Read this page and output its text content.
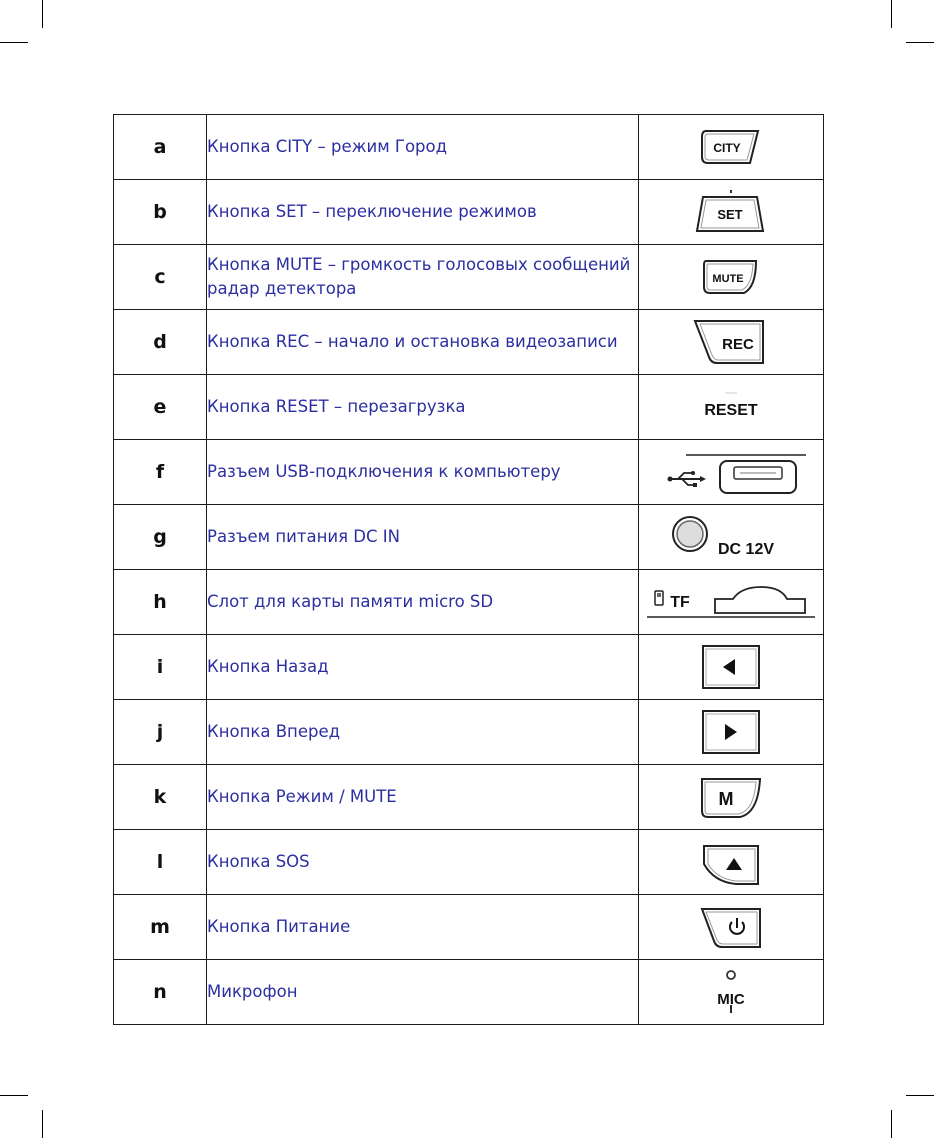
a	Кнопка CITY – режим Город	CITY

b	Кнопка SET – переключение режимов	SET

c	Кнопка MUTE – громкость голосовых сообщений радар детектора	MUTE

d	Кнопка REC – начало и остановка видеозаписи	REC

e	Кнопка RESET – перезагрузка	RESET

f	Разъем USB-подключения к компьютеру	

g	Разъем питания DC IN	DC 12V

h	Слот для карты памяти micro SD	TF

i	Кнопка Назад	

j	Кнопка Вперед	

k	Кнопка Режим / MUTE	M

l	Кнопка SOS	

m	Кнопка Питание	

n	Микрофон	MIC
